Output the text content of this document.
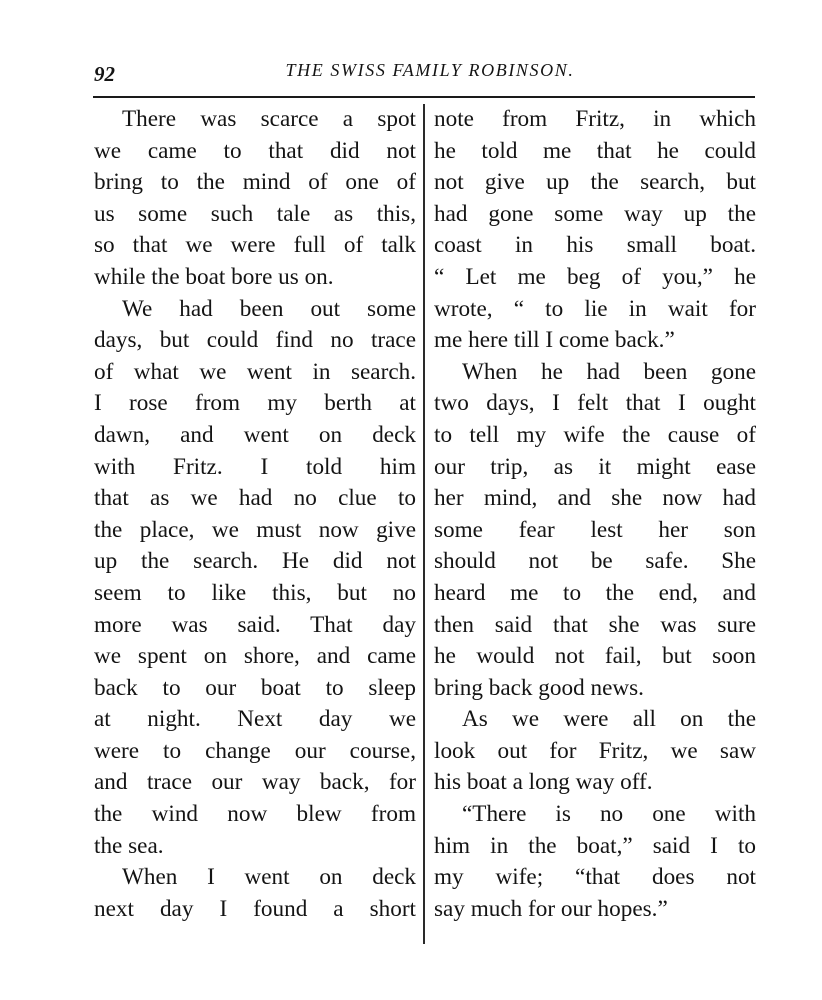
92	THE SWISS FAMILY ROBINSON.
There was scarce a spot
we came to that did not
bring to the mind of one of
us some such tale as this,
so that we were full of talk
while the boat bore us on.
We had been out some
days, but could find no trace
of what we went in search.
I rose from my berth at
dawn, and went on deck
with Fritz. I told him
that as we had no clue to
the place, we must now give
up the search. He did not
seem to like this, but no
more was said. That day
we spent on shore, and came
back to our boat to sleep
at night. Next day we
were to change our course,
and trace our way back, for
the wind now blew from
the sea.
When I went on deck
next day I found a short
note from Fritz, in which
he told me that he could
not give up the search, but
had gone some way up the
coast in his small boat.
“ Let me beg of you,” he
wrote, “ to lie in wait for
me here till I come back.”
When he had been gone
two days, I felt that I ought
to tell my wife the cause of
our trip, as it might ease
her mind, and she now had
some fear lest her son
should not be safe. She
heard me to the end, and
then said that she was sure
he would not fail, but soon
bring back good news.
As we were all on the
look out for Fritz, we saw
his boat a long way off.
“There is no one with
him in the boat,” said I to
my wife; “that does not
say much for our hopes.”
